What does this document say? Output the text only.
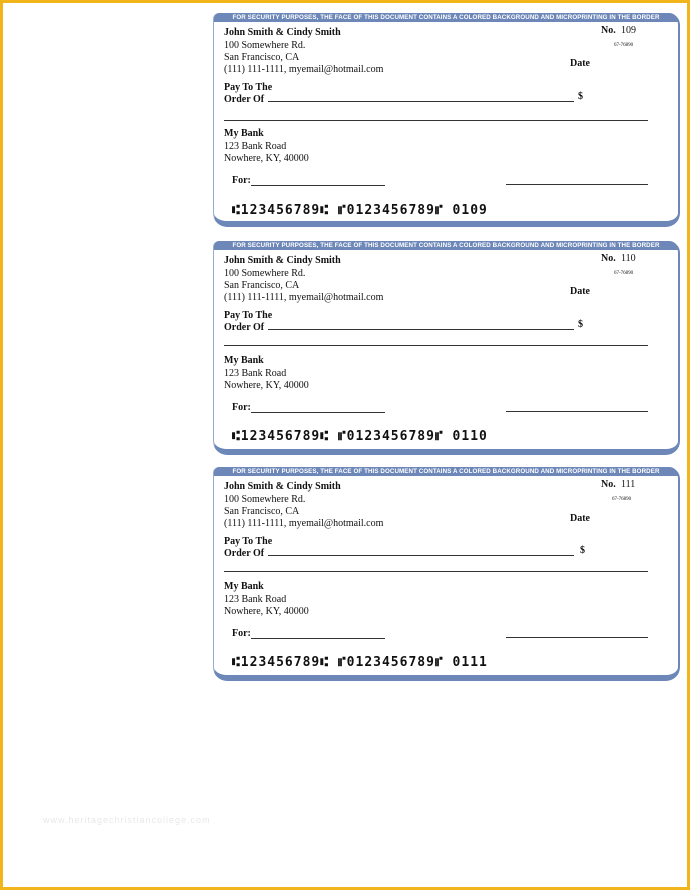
FOR SECURITY PURPOSES, THE FACE OF THIS DOCUMENT CONTAINS A COLORED BACKGROUND AND MICROPRINTING IN THE BORDER
John Smith & Cindy Smith
100 Somewhere Rd.
San Francisco, CA
(111) 111-1111, myemail@hotmail.com
No. 109
67-76890
Date
Pay To The
Order Of	$
My Bank
123 Bank Road
Nowhere, KY, 40000
For:
⑆123456789⑆ ⑈0123456789⑈ 0109
FOR SECURITY PURPOSES, THE FACE OF THIS DOCUMENT CONTAINS A COLORED BACKGROUND AND MICROPRINTING IN THE BORDER
John Smith & Cindy Smith
100 Somewhere Rd.
San Francisco, CA
(111) 111-1111, myemail@hotmail.com
No. 110
67-76890
Date
Pay To The
Order Of	$
My Bank
123 Bank Road
Nowhere, KY, 40000
For:
⑆123456789⑆ ⑈0123456789⑈ 0110
FOR SECURITY PURPOSES, THE FACE OF THIS DOCUMENT CONTAINS A COLORED BACKGROUND AND MICROPRINTING IN THE BORDER
John Smith & Cindy Smith
100 Somewhere Rd.
San Francisco, CA
(111) 111-1111, myemail@hotmail.com
No. 111
67-76890
Date
Pay To The
Order Of	$
My Bank
123 Bank Road
Nowhere, KY, 40000
For:
⑆123456789⑆ ⑈0123456789⑈ 0111
www.heritagechristiancollege.com
